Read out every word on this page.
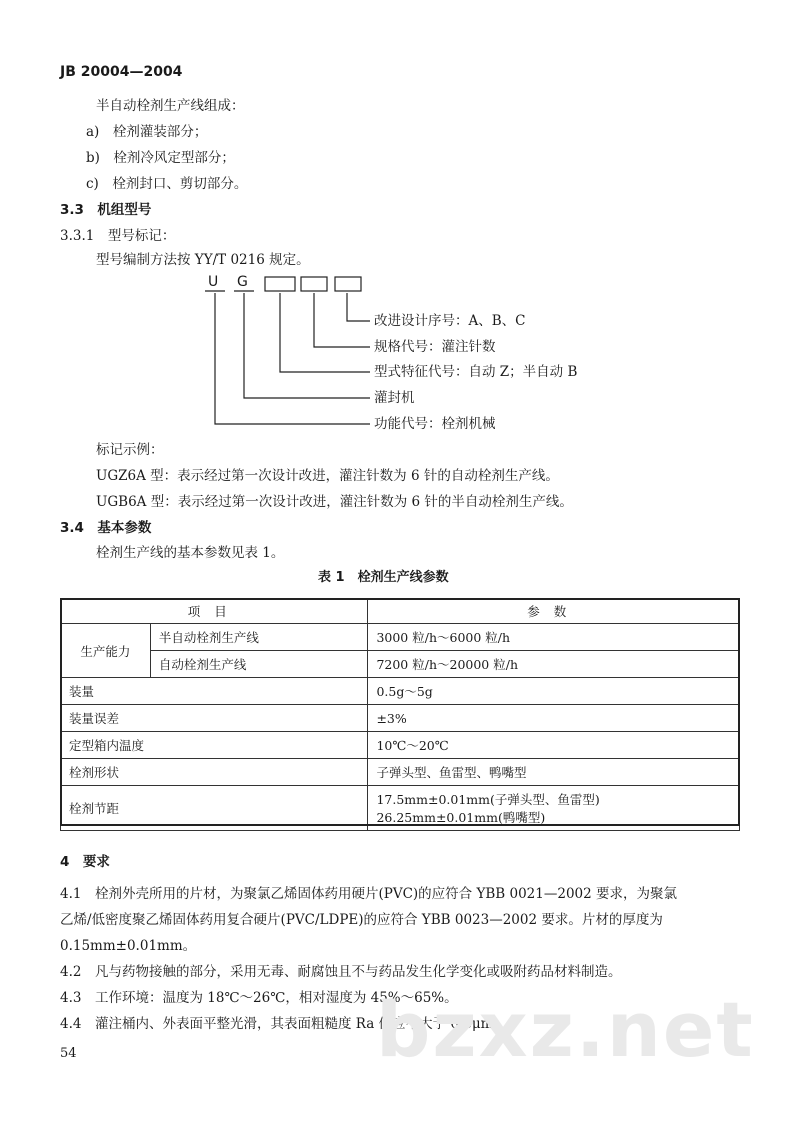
JB 20004—2004
半自动栓剂生产线组成：
a)　栓剂灌装部分；
b)　栓剂冷风定型部分；
c)　栓剂封口、剪切部分。
3.3　机组型号
3.3.1　型号标记：
型号编制方法按 YY/T 0216 规定。
U G
改进设计序号：A、B、C
规格代号：灌注针数
型式特征代号：自动 Z；半自动 B
灌封机
功能代号：栓剂机械
标记示例：
UGZ6A 型：表示经过第一次设计改进，灌注针数为 6 针的自动栓剂生产线。
UGB6A 型：表示经过第一次设计改进，灌注针数为 6 针的半自动栓剂生产线。
3.4　基本参数
栓剂生产线的基本参数见表 1。
表 1　栓剂生产线参数
项目		参数
生产能力	半自动栓剂生产线	3000 粒/h～6000 粒/h
	自动栓剂生产线	7200 粒/h～20000 粒/h
装量		0.5g～5g
装量误差		±3%
定型箱内温度		10℃～20℃
栓剂形状		子弹头型、鱼雷型、鸭嘴型
栓剂节距		17.5mm±0.01mm(子弹头型、鱼雷型)
26.25mm±0.01mm(鸭嘴型)
4　要求
4.1　栓剂外壳所用的片材，为聚氯乙烯固体药用硬片(PVC)的应符合 YBB 0021—2002 要求，为聚氯
乙烯/低密度聚乙烯固体药用复合硬片(PVC/LDPE)的应符合 YBB 0023—2002 要求。片材的厚度为
0.15mm±0.01mm。
4.2　凡与药物接触的部分，采用无毒、耐腐蚀且不与药品发生化学变化或吸附药品材料制造。
4.3　工作环境：温度为 18℃～26℃，相对湿度为 45%～65%。
4.4　灌注桶内、外表面平整光滑，其表面粗糙度 Ra 值应不大于 0.8μm。
bzxz.net
54
